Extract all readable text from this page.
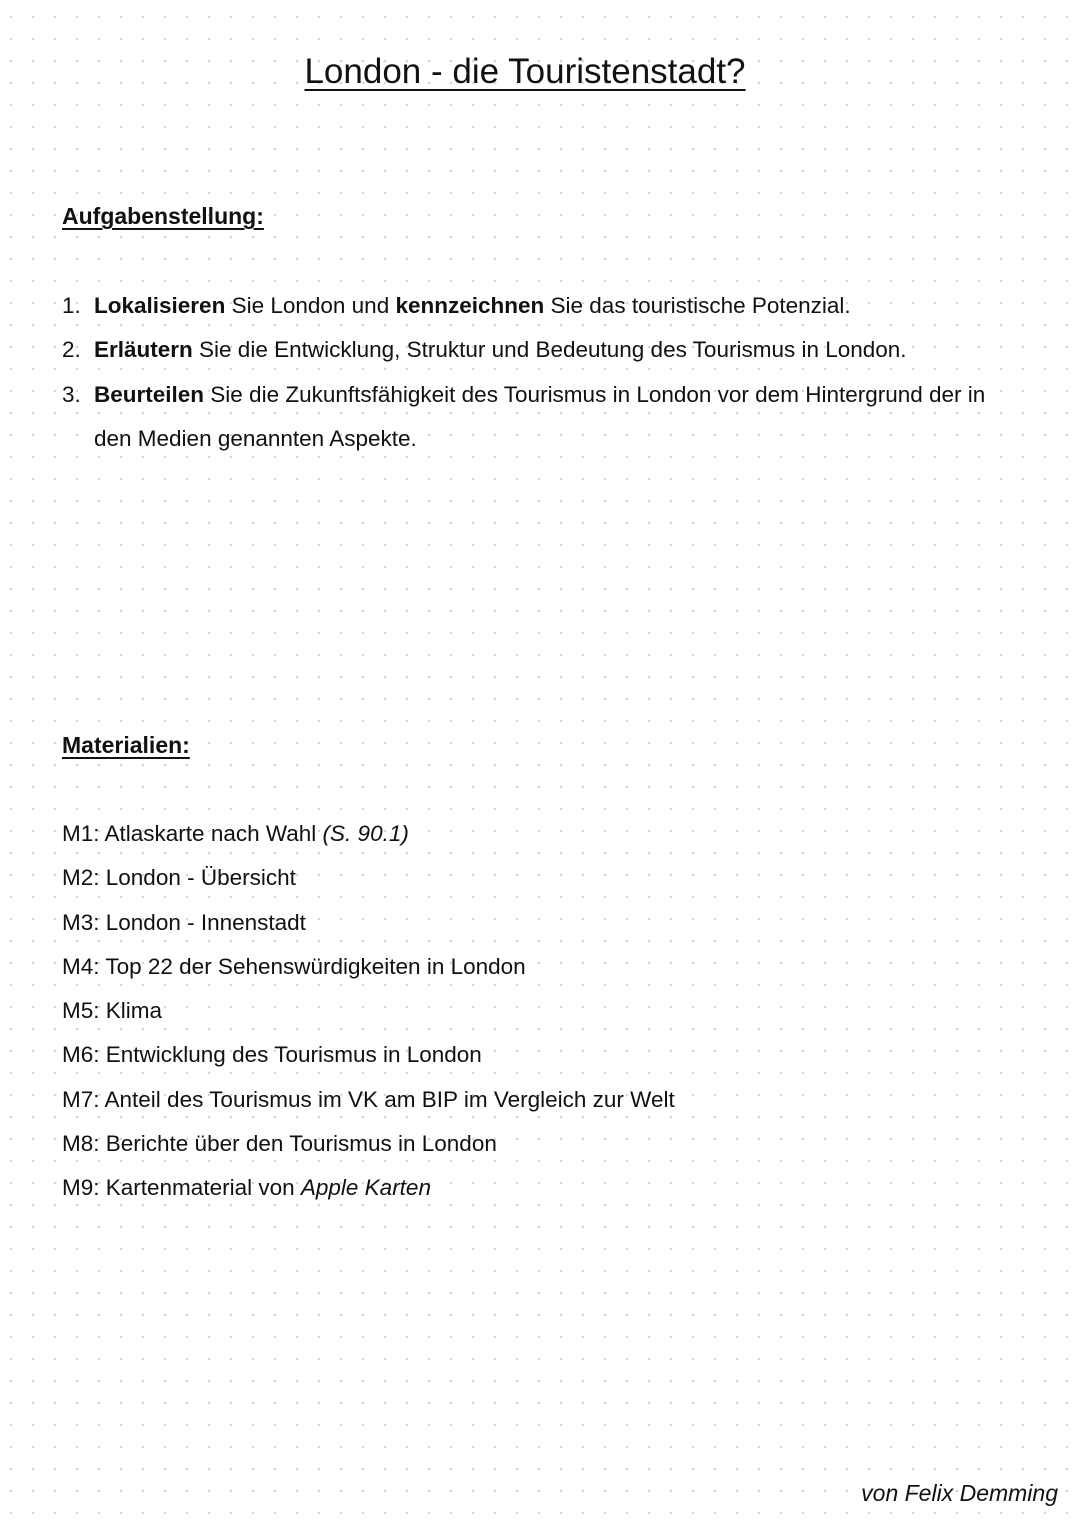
London - die Touristenstadt?
Aufgabenstellung:
1. Lokalisieren Sie London und kennzeichnen Sie das touristische Potenzial.
2. Erläutern Sie die Entwicklung, Struktur und Bedeutung des Tourismus in London.
3. Beurteilen Sie die Zukunftsfähigkeit des Tourismus in London vor dem Hintergrund der in den Medien genannten Aspekte.
Materialien:
M1: Atlaskarte nach Wahl (S. 90.1)
M2: London - Übersicht
M3: London - Innenstadt
M4: Top 22 der Sehenswürdigkeiten in London
M5: Klima
M6: Entwicklung des Tourismus in London
M7: Anteil des Tourismus im VK am BIP im Vergleich zur Welt
M8: Berichte über den Tourismus in London
M9: Kartenmaterial von Apple Karten
von Felix Demming
